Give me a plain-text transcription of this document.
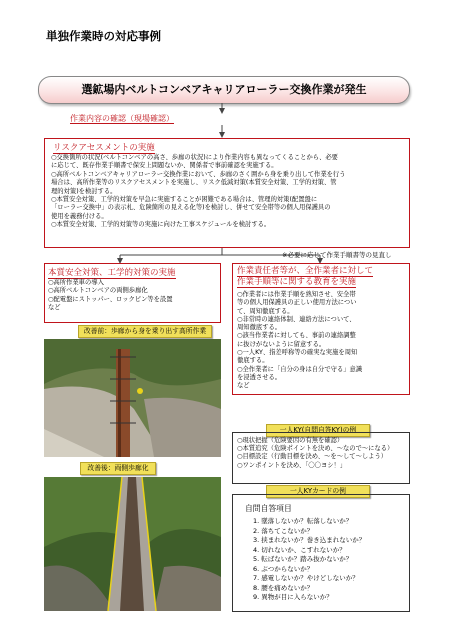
単独作業時の対応事例
選鉱場内ベルトコンベアキャリアローラー交換作業が発生
作業内容の確認（現場確認）
リスクアセスメントの実施
○交換箇所の状況(ベルトコンベアの高さ、歩廊の状況)により作業内容も異なってくることから、必要
に応じて、既存作業手順書で保安上問題ないか、関係者で事前確認を実施する。
○高所ベルトコンベアキャリアローラー交換作業において、歩廊のさく囲から身を乗り出して作業を行う
場合は、高所作業等のリスクアセスメントを実施し、リスク低減対策(本質安全対策、工学的対策、管
理的対策)を検討する。
○本質安全対策、工学的対策を早急に実施することが困難である場合は、管理的対策(配置盤に
「ローラー交換中」の表示札、危険箇所の見える化等)を検討し、併せて安全帯等の個人用保護具の
使用を義務付ける。
○本質安全対策、工学的対策等の実施に向けた工事スケジュールを検討する。
※必要に応じて作業手順書等の見直し
本質安全対策、工学的対策の実施
○高所作業車の導入
○高所ベルトコンベアの両側歩廊化
○配電盤にストッパー、ロックピン等を設置
など
作業責任者等が、全作業者に対して
作業手順等に関する教育を実施
○作業者には作業手順を熟知させ、安全帯
等の個人用保護具の正しい使用方法につい
て、周知徹底する。
○非常時の連絡体制、連絡方法について、
周知徹底する。
○該当作業者に対しても、事前の連絡調整
に抜けがないように留意する。
○一人KY、指差呼称等の確実な実施を周知
徹底する。
○全作業者に「自分の身は自分で守る」意識
を浸透させる。
など
改善前：歩廊から身を乗り出す高所作業
改善後：両側歩廊化
一人KY(自問自答KY)の例
○現状把握（危険要因の有無を確認）
○本質追究（危険ポイントを決め、〜なので〜になる）
○目標設定（行動目標を決め、〜を〜して〜しよう）
○ワンポイントを決め、「〇〇ヨシ！」
一人KYカードの例
自問自答項目
1. 墜落しないか？転落しないか？
2. 落ちてこないか？
3. 挟まれないか？巻き込まれないか？
4. 切れないか、こすれないか？
5. 転ばないか？踏み抜かないか？
6. ぶつからないか？
7. 感電しないか？やけどしないか？
8. 腰を痛めないか？
9. 異物が目に入らないか？
